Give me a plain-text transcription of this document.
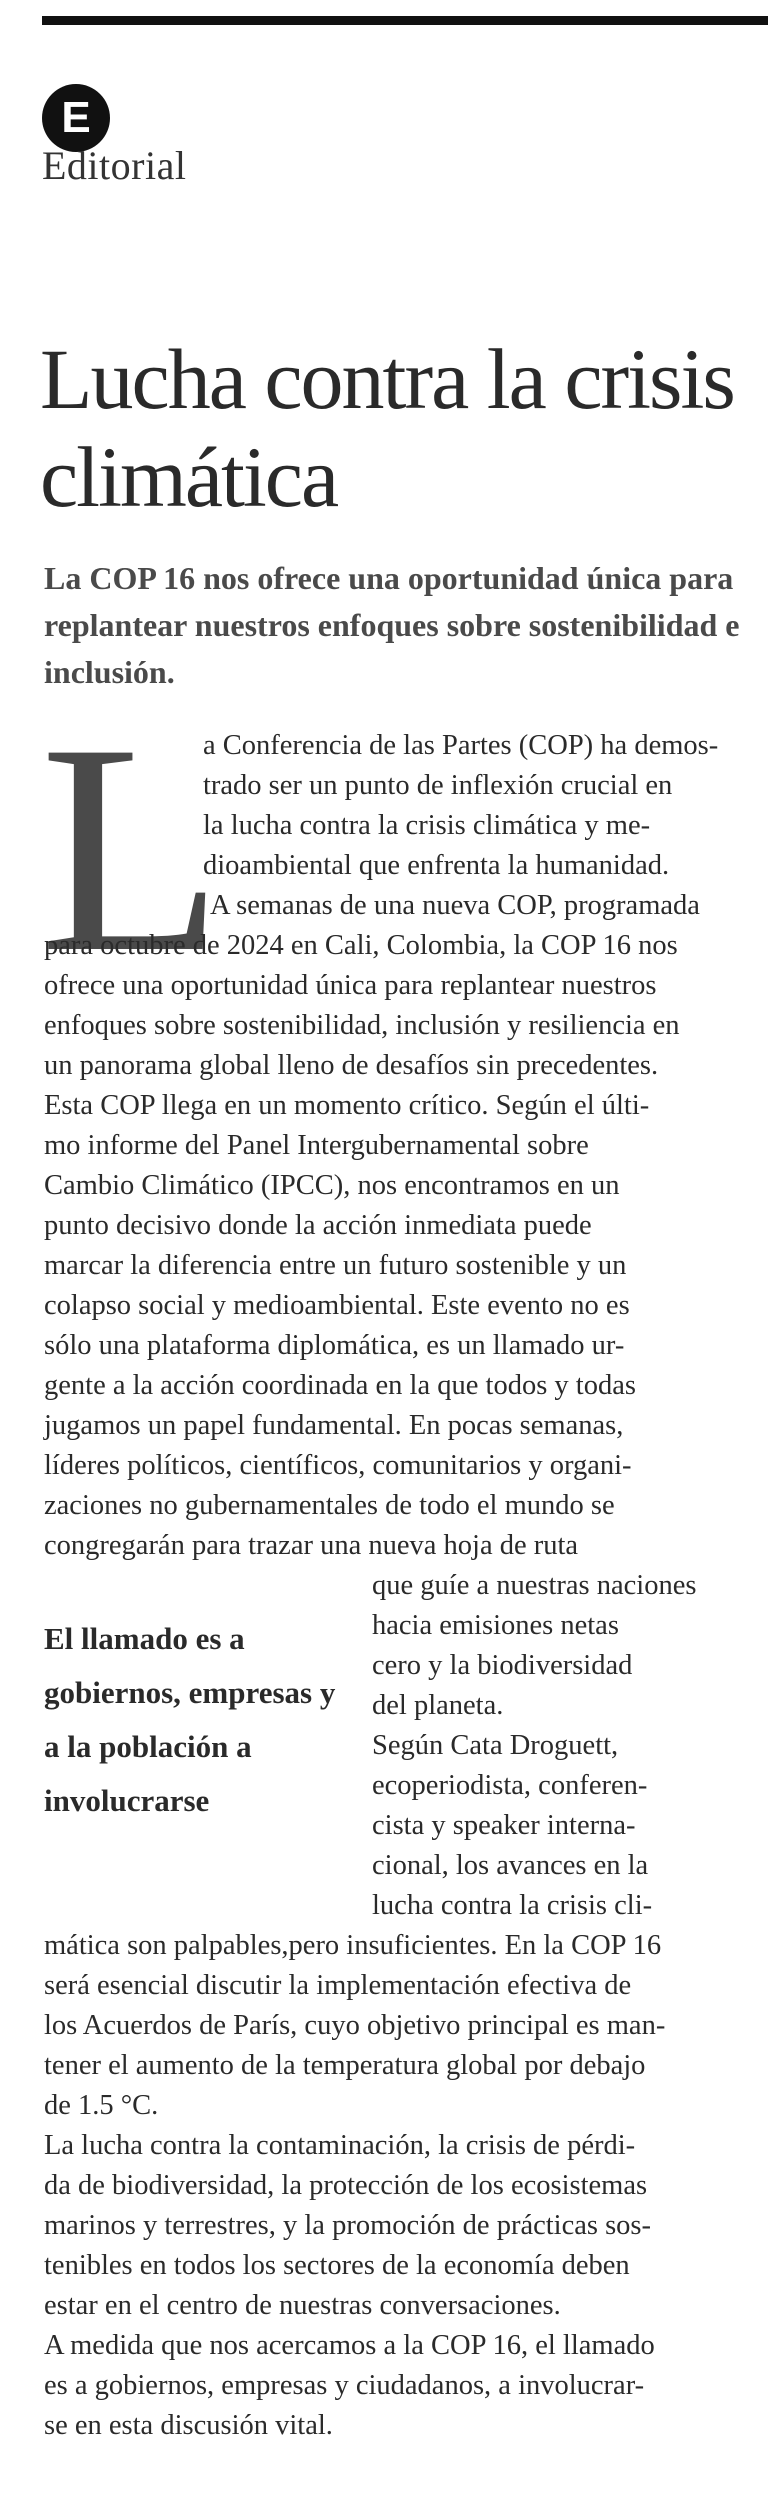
E
Editorial
Lucha contra la crisis climática

La COP 16 nos ofrece una oportunidad única para replantear nuestros enfoques sobre sostenibilidad e inclusión.

L
a Conferencia de las Partes (COP) ha demos-
trado ser un punto de inflexión crucial en
la lucha contra la crisis climática y me-
dioambiental que enfrenta la humanidad.
A semanas de una nueva COP, programada
para octubre de 2024 en Cali, Colombia, la COP 16 nos
ofrece una oportunidad única para replantear nuestros
enfoques sobre sostenibilidad, inclusión y resiliencia en
un panorama global lleno de desafíos sin precedentes.
Esta COP llega en un momento crítico. Según el últi-
mo informe del Panel Intergubernamental sobre
Cambio Climático (IPCC), nos encontramos en un
punto decisivo donde la acción inmediata puede
marcar la diferencia entre un futuro sostenible y un
colapso social y medioambiental. Este evento no es
sólo una plataforma diplomática, es un llamado ur-
gente a la acción coordinada en la que todos y todas
jugamos un papel fundamental. En pocas semanas,
líderes políticos, científicos, comunitarios y organi-
zaciones no gubernamentales de todo el mundo se
congregarán para trazar una nueva hoja de ruta
que guíe a nuestras naciones
hacia emisiones netas
cero y la biodiversidad
del planeta.
Según Cata Droguett,
ecoperiodista, conferen-
cista y speaker interna-
cional, los avances en la
lucha contra la crisis cli-
mática son palpables,pero insuficientes. En la COP 16
será esencial discutir la implementación efectiva de
los Acuerdos de París, cuyo objetivo principal es man-
tener el aumento de la temperatura global por debajo
de 1.5 °C.
La lucha contra la contaminación, la crisis de pérdi-
da de biodiversidad, la protección de los ecosistemas
marinos y terrestres, y la promoción de prácticas sos-
tenibles en todos los sectores de la economía deben
estar en el centro de nuestras conversaciones.
A medida que nos acercamos a la COP 16, el llamado
es a gobiernos, empresas y ciudadanos, a involucrar-
se en esta discusión vital.

El llamado es a gobiernos, empresas y a la población a involucrarse
